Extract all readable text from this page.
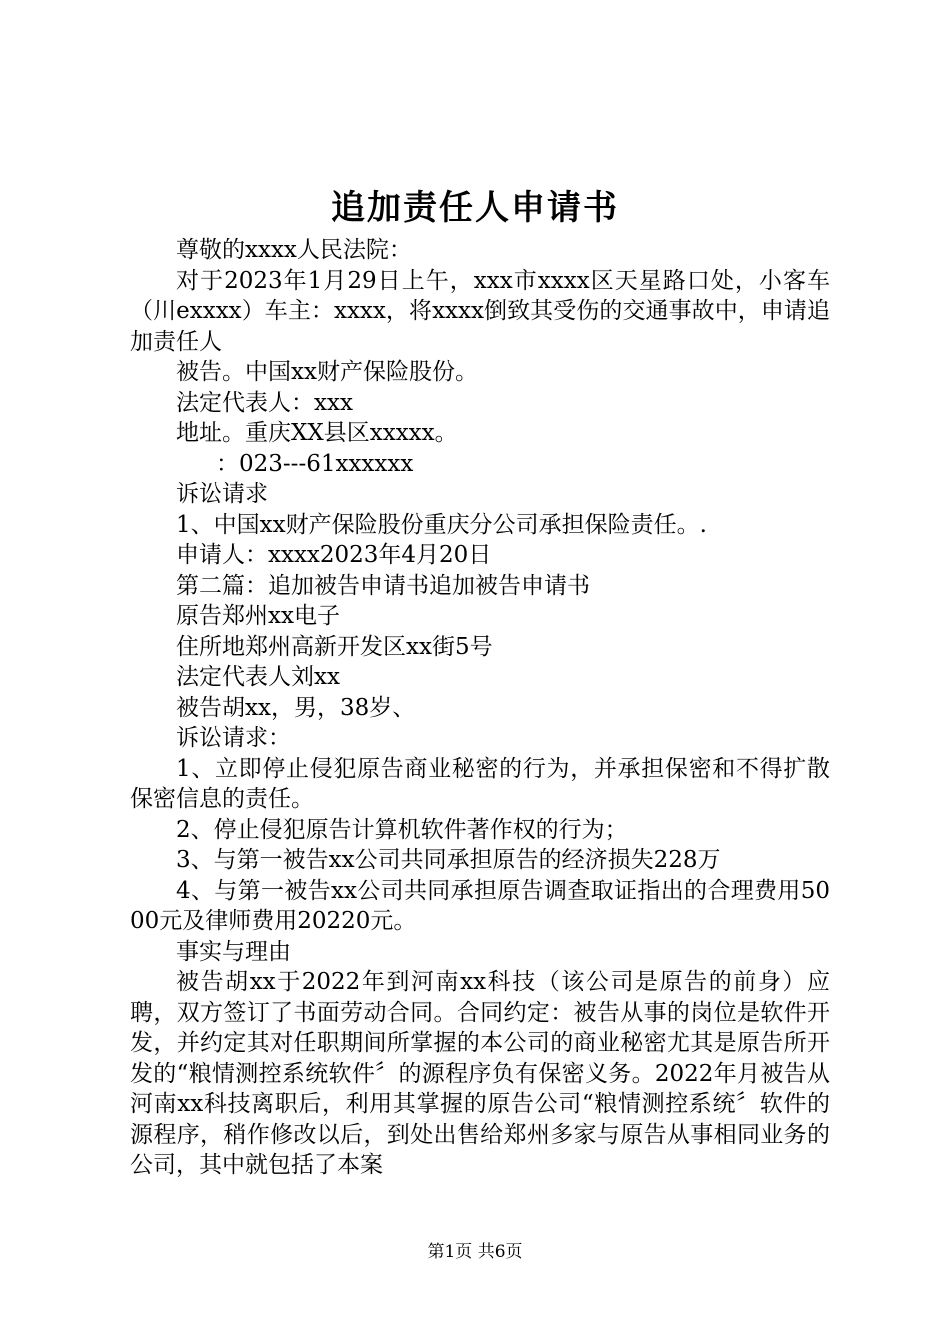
追加责任人申请书

尊敬的xxxx人民法院：

对于2023年1月29日上午，xxx市xxxx区天星路口处，小客车（川exxxx）车主：xxxx，将xxxx倒致其受伤的交通事故中，申请追加责任人

被告。中国xx财产保险股份。

法定代表人：xxx

地址。重庆XX县区xxxxx。

：023---61xxxxxx

诉讼请求

1、中国xx财产保险股份重庆分公司承担保险责任。.

申请人：xxxx2023年4月20日

第二篇：追加被告申请书追加被告申请书

原告郑州xx电子

住所地郑州高新开发区xx街5号

法定代表人刘xx

被告胡xx，男，38岁、

诉讼请求：

1、立即停止侵犯原告商业秘密的行为，并承担保密和不得扩散保密信息的责任。

2、停止侵犯原告计算机软件著作权的行为；

3、与第一被告xx公司共同承担原告的经济损失228万

4、与第一被告xx公司共同承担原告调查取证指出的合理费用5000元及律师费用20220元。

事实与理由

被告胡xx于2022年到河南xx科技（该公司是原告的前身）应聘，双方签订了书面劳动合同。合同约定：被告从事的岗位是软件开发，并约定其对任职期间所掌握的本公司的商业秘密尤其是原告所开发的“粮情测控系统软件〞的源程序负有保密义务。2022年月被告从河南xx科技离职后，利用其掌握的原告公司“粮情测控系统〞软件的源程序，稍作修改以后，到处出售给郑州多家与原告从事相同业务的公司，其中就包括了本案

第1页 共6页
